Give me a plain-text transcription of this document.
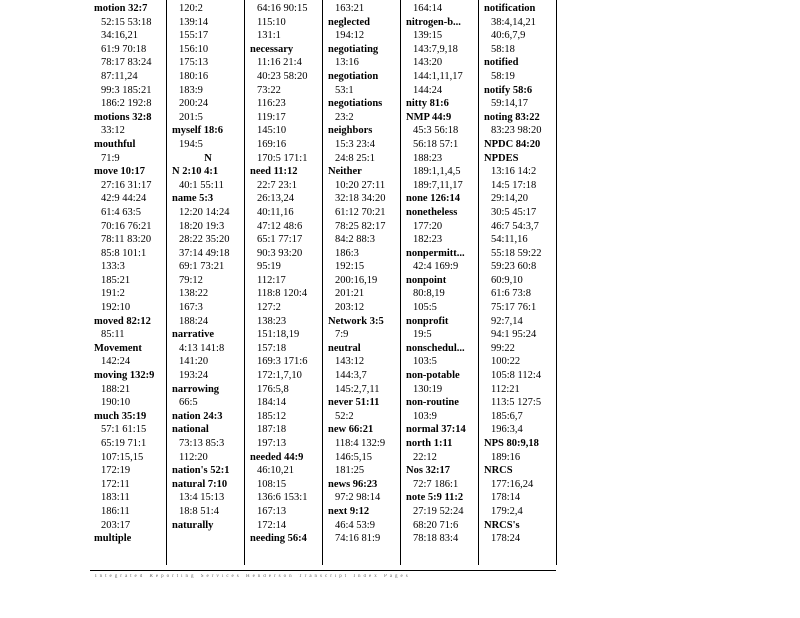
motion 32:7
52:15 53:18
34:16,21
61:9 70:18
78:17 83:24
87:11,24
99:3 185:21
186:2 192:8
motions 32:8
33:12
mouthful
71:9
move 10:17
27:16 31:17
42:9 44:24
61:4 63:5
70:16 76:21
78:11 83:20
85:8 101:1
133:3
185:21
191:2
192:10
moved 82:12
85:11
Movement
142:24
moving 132:9
188:21
190:10
much 35:19
57:1 61:15
65:19 71:1
107:15,15
172:19
172:11
183:11
186:11
203:17
multiple
120:2
139:14
155:17
156:10
175:13
180:16
183:9
200:24
201:5
myself 18:6
194:5
N
N 2:10 4:1
40:1 55:11
name 5:3
12:20 14:24
18:20 19:3
28:22 35:20
37:14 49:18
69:1 73:21
79:12
138:22
167:3
188:24
narrative
4:13 141:8
141:20
193:24
narrowing
66:5
nation 24:3
national
73:13 85:3
112:20
nation's 52:1
natural 7:10
13:4 15:13
18:8 51:4
naturally
64:16 90:15
115:10
131:1
necessary
11:16 21:4
40:23 58:20
73:22
116:23
119:17
145:10
169:16
170:5 171:1
need 11:12
22:7 23:1
26:13,24
40:11,16
47:12 48:6
65:1 77:17
90:3 93:20
95:19
112:17
118:8 120:4
127:2
138:23
151:18,19
157:18
169:3 171:6
172:1,7,10
176:5,8
184:14
185:12
187:18
197:13
needed 44:9
46:10,21
108:15
136:6 153:1
167:13
172:14
needing 56:4
163:21
neglected
194:12
negotiating
13:16
negotiation
53:1
negotiations
23:2
neighbors
15:3 23:4
24:8 25:1
Neither
10:20 27:11
32:18 34:20
61:12 70:21
78:25 82:17
84:2 88:3
186:3
192:15
200:16,19
201:21
203:12
Network 3:5
7:9
neutral
143:12
144:3,7
145:2,7,11
never 51:11
52:2
new 66:21
118:4 132:9
146:5,15
181:25
news 96:23
97:2 98:14
next 9:12
46:4 53:9
74:16 81:9
164:14
nitrogen-b...
139:15
143:7,9,18
143:20
144:1,11,17
144:24
nitty 81:6
NMP 44:9
45:3 56:18
56:18 57:1
188:23
189:1,1,4,5
189:7,11,17
none 126:14
nonetheless
177:20
182:23
nonpermitt...
42:4 169:9
nonpoint
80:8,19
105:5
nonprofit
19:5
nonschedul...
103:5
non-potable
130:19
non-routine
103:9
normal 37:14
north 1:11
22:12
Nos 32:17
72:7 186:1
note 5:9 11:2
27:19 52:24
68:20 71:6
78:18 83:4
notification
38:4,14,21
40:6,7,9
58:18
notified
58:19
notify 58:6
59:14,17
noting 83:22
83:23 98:20
NPDC 84:20
NPDES
13:16 14:2
14:5 17:18
29:14,20
30:5 45:17
46:7 54:3,7
54:11,16
55:18 59:22
59:23 60:8
60:9,10
61:6 73:8
75:17 76:1
92:7,14
94:1 95:24
99:22
100:22
105:8 112:4
112:21
113:5 127:5
185:6,7
196:3,4
NPS 80:9,18
189:16
NRCS
177:16,24
178:14
179:2,4
NRCS's
178:24
Integrated Reporting Services Henderson Transcript Index Pages
